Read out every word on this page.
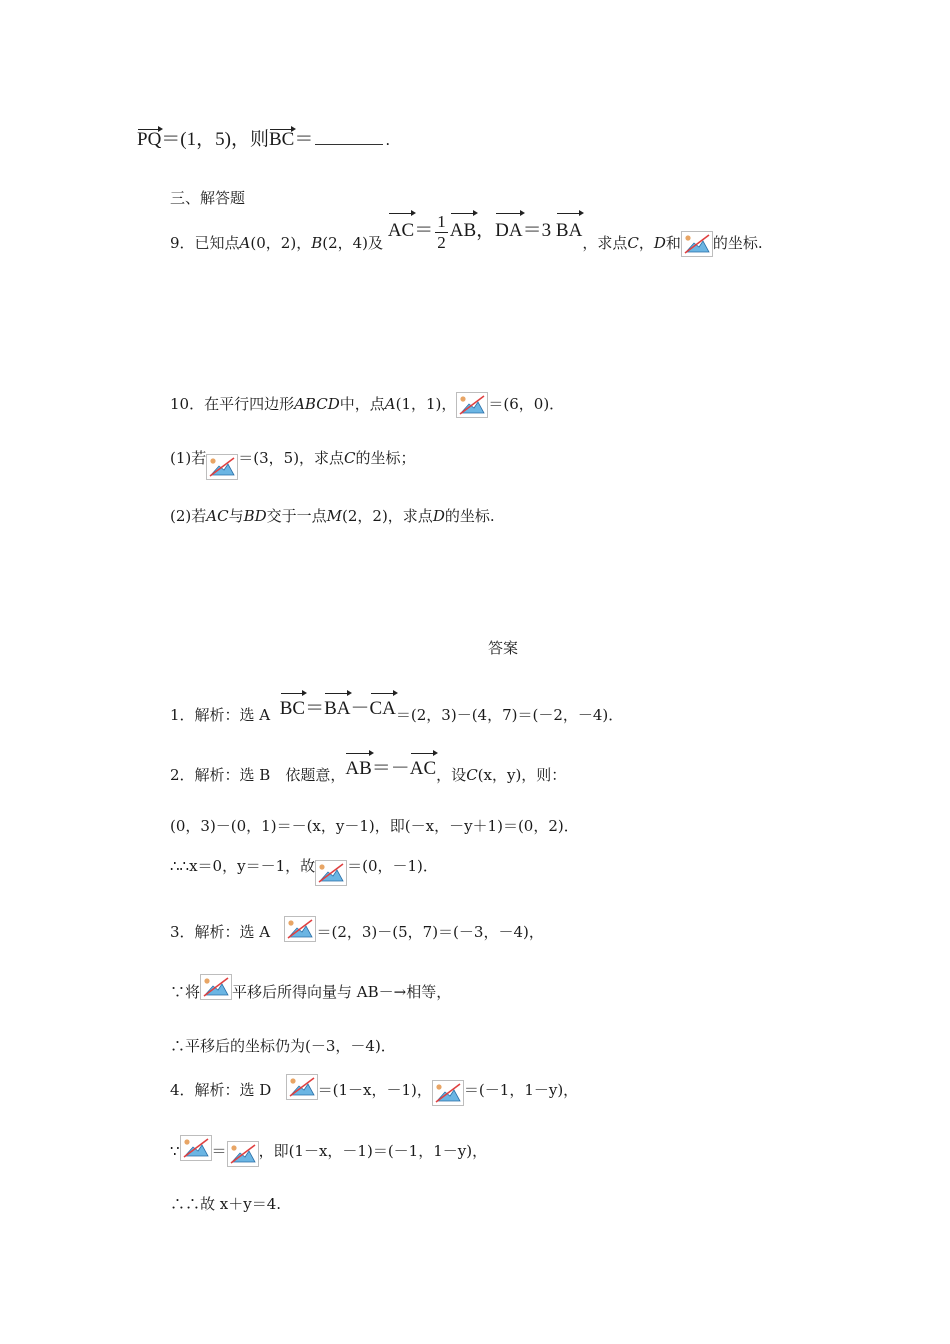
PQ＝(1，5)，则BC＝	.
三、解答题
9．已知点A(0，2)，B(2，4)及 $AC= \frac{1}{2}$ AB，DA＝3 BA，求点C，D和 的坐标.
10．在平行四边形ABCD中，点A(1，1)， ＝(6，0)．
(1)若 ＝(3，5)，求点C的坐标；
(2)若AC与BD交于一点M(2，2)，求点D的坐标.
答案
1．解析：选 A BC＝BA－CA＝(2，3)－(4，7)＝(－2，－4)．
2．解析：选 B　依题意，AB＝－AC，设C(x，y)，则：
(0，3)－(0，1)＝－(x，y－1)，即(－x，－y＋1)＝(0，2)．
∴∴x＝0，y＝－1，故 ＝(0，－1)．
3．解析：选 A	＝(2，3)－(5，7)＝(－3，－4)，
∵将 平移后所得向量与 AB－→相等，
∴平移后的坐标仍为(－3，－4)．
4．解析：选 D	＝(1－x，－1)， ＝(－1，1－y)，
∵ ＝ ，即(1－x，－1)＝(－1，1－y)，
∴∴故 x＋y＝4.
